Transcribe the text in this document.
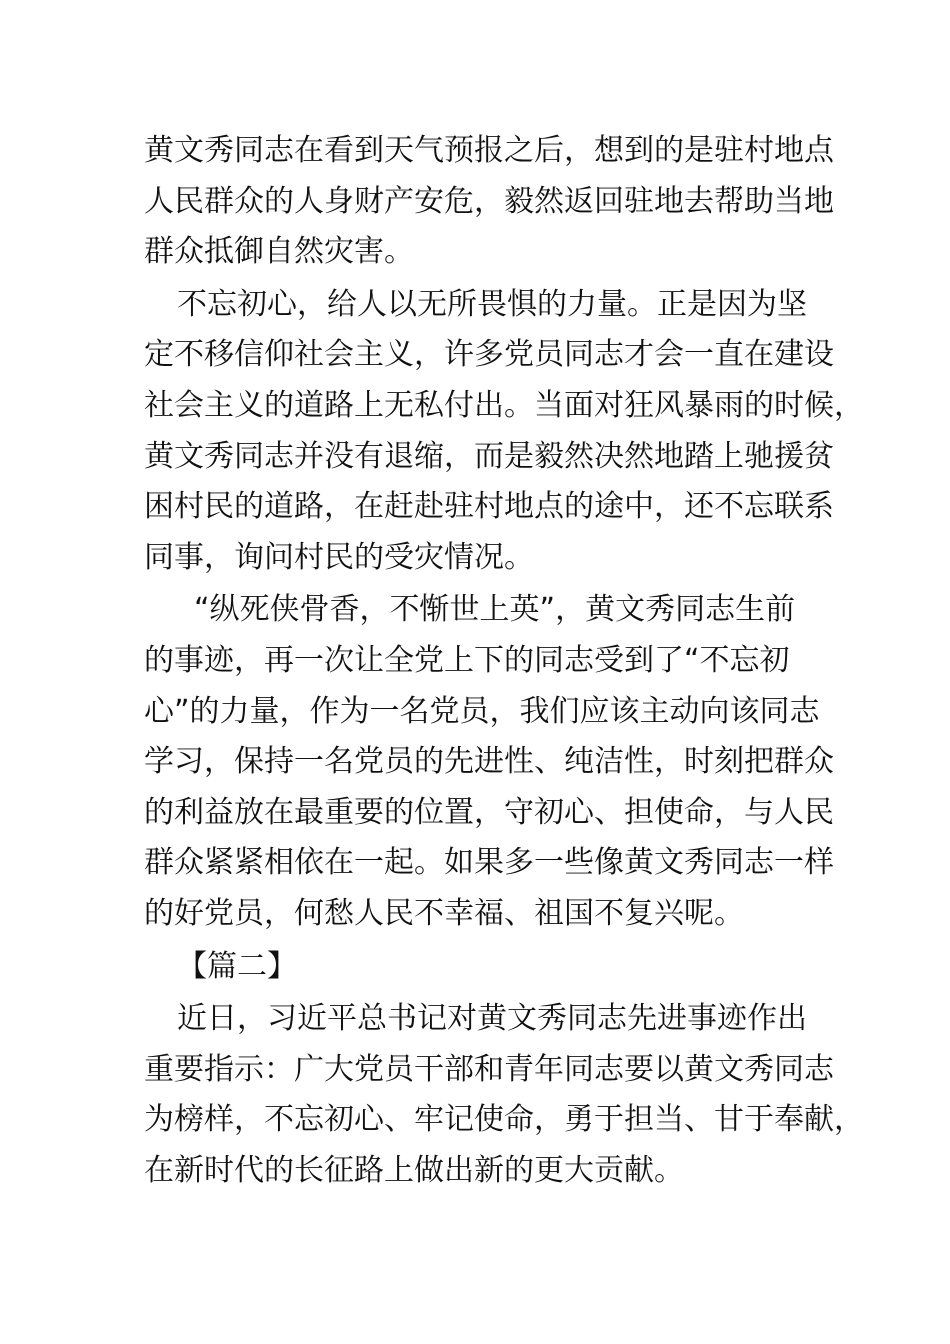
黄文秀同志在看到天气预报之后，想到的是驻村地点
人民群众的人身财产安危，毅然返回驻地去帮助当地
群众抵御自然灾害。
不忘初心，给人以无所畏惧的力量。正是因为坚
定不移信仰社会主义，许多党员同志才会一直在建设
社会主义的道路上无私付出。当面对狂风暴雨的时候，
黄文秀同志并没有退缩，而是毅然决然地踏上驰援贫
困村民的道路，在赶赴驻村地点的途中，还不忘联系
同事，询问村民的受灾情况。
“纵死侠骨香，不惭世上英”，黄文秀同志生前
的事迹，再一次让全党上下的同志受到了“不忘初
心”的力量，作为一名党员，我们应该主动向该同志
学习，保持一名党员的先进性、纯洁性，时刻把群众
的利益放在最重要的位置，守初心、担使命，与人民
群众紧紧相依在一起。如果多一些像黄文秀同志一样
的好党员，何愁人民不幸福、祖国不复兴呢。
【篇二】
近日，习近平总书记对黄文秀同志先进事迹作出
重要指示：广大党员干部和青年同志要以黄文秀同志
为榜样，不忘初心、牢记使命，勇于担当、甘于奉献，
在新时代的长征路上做出新的更大贡献。
